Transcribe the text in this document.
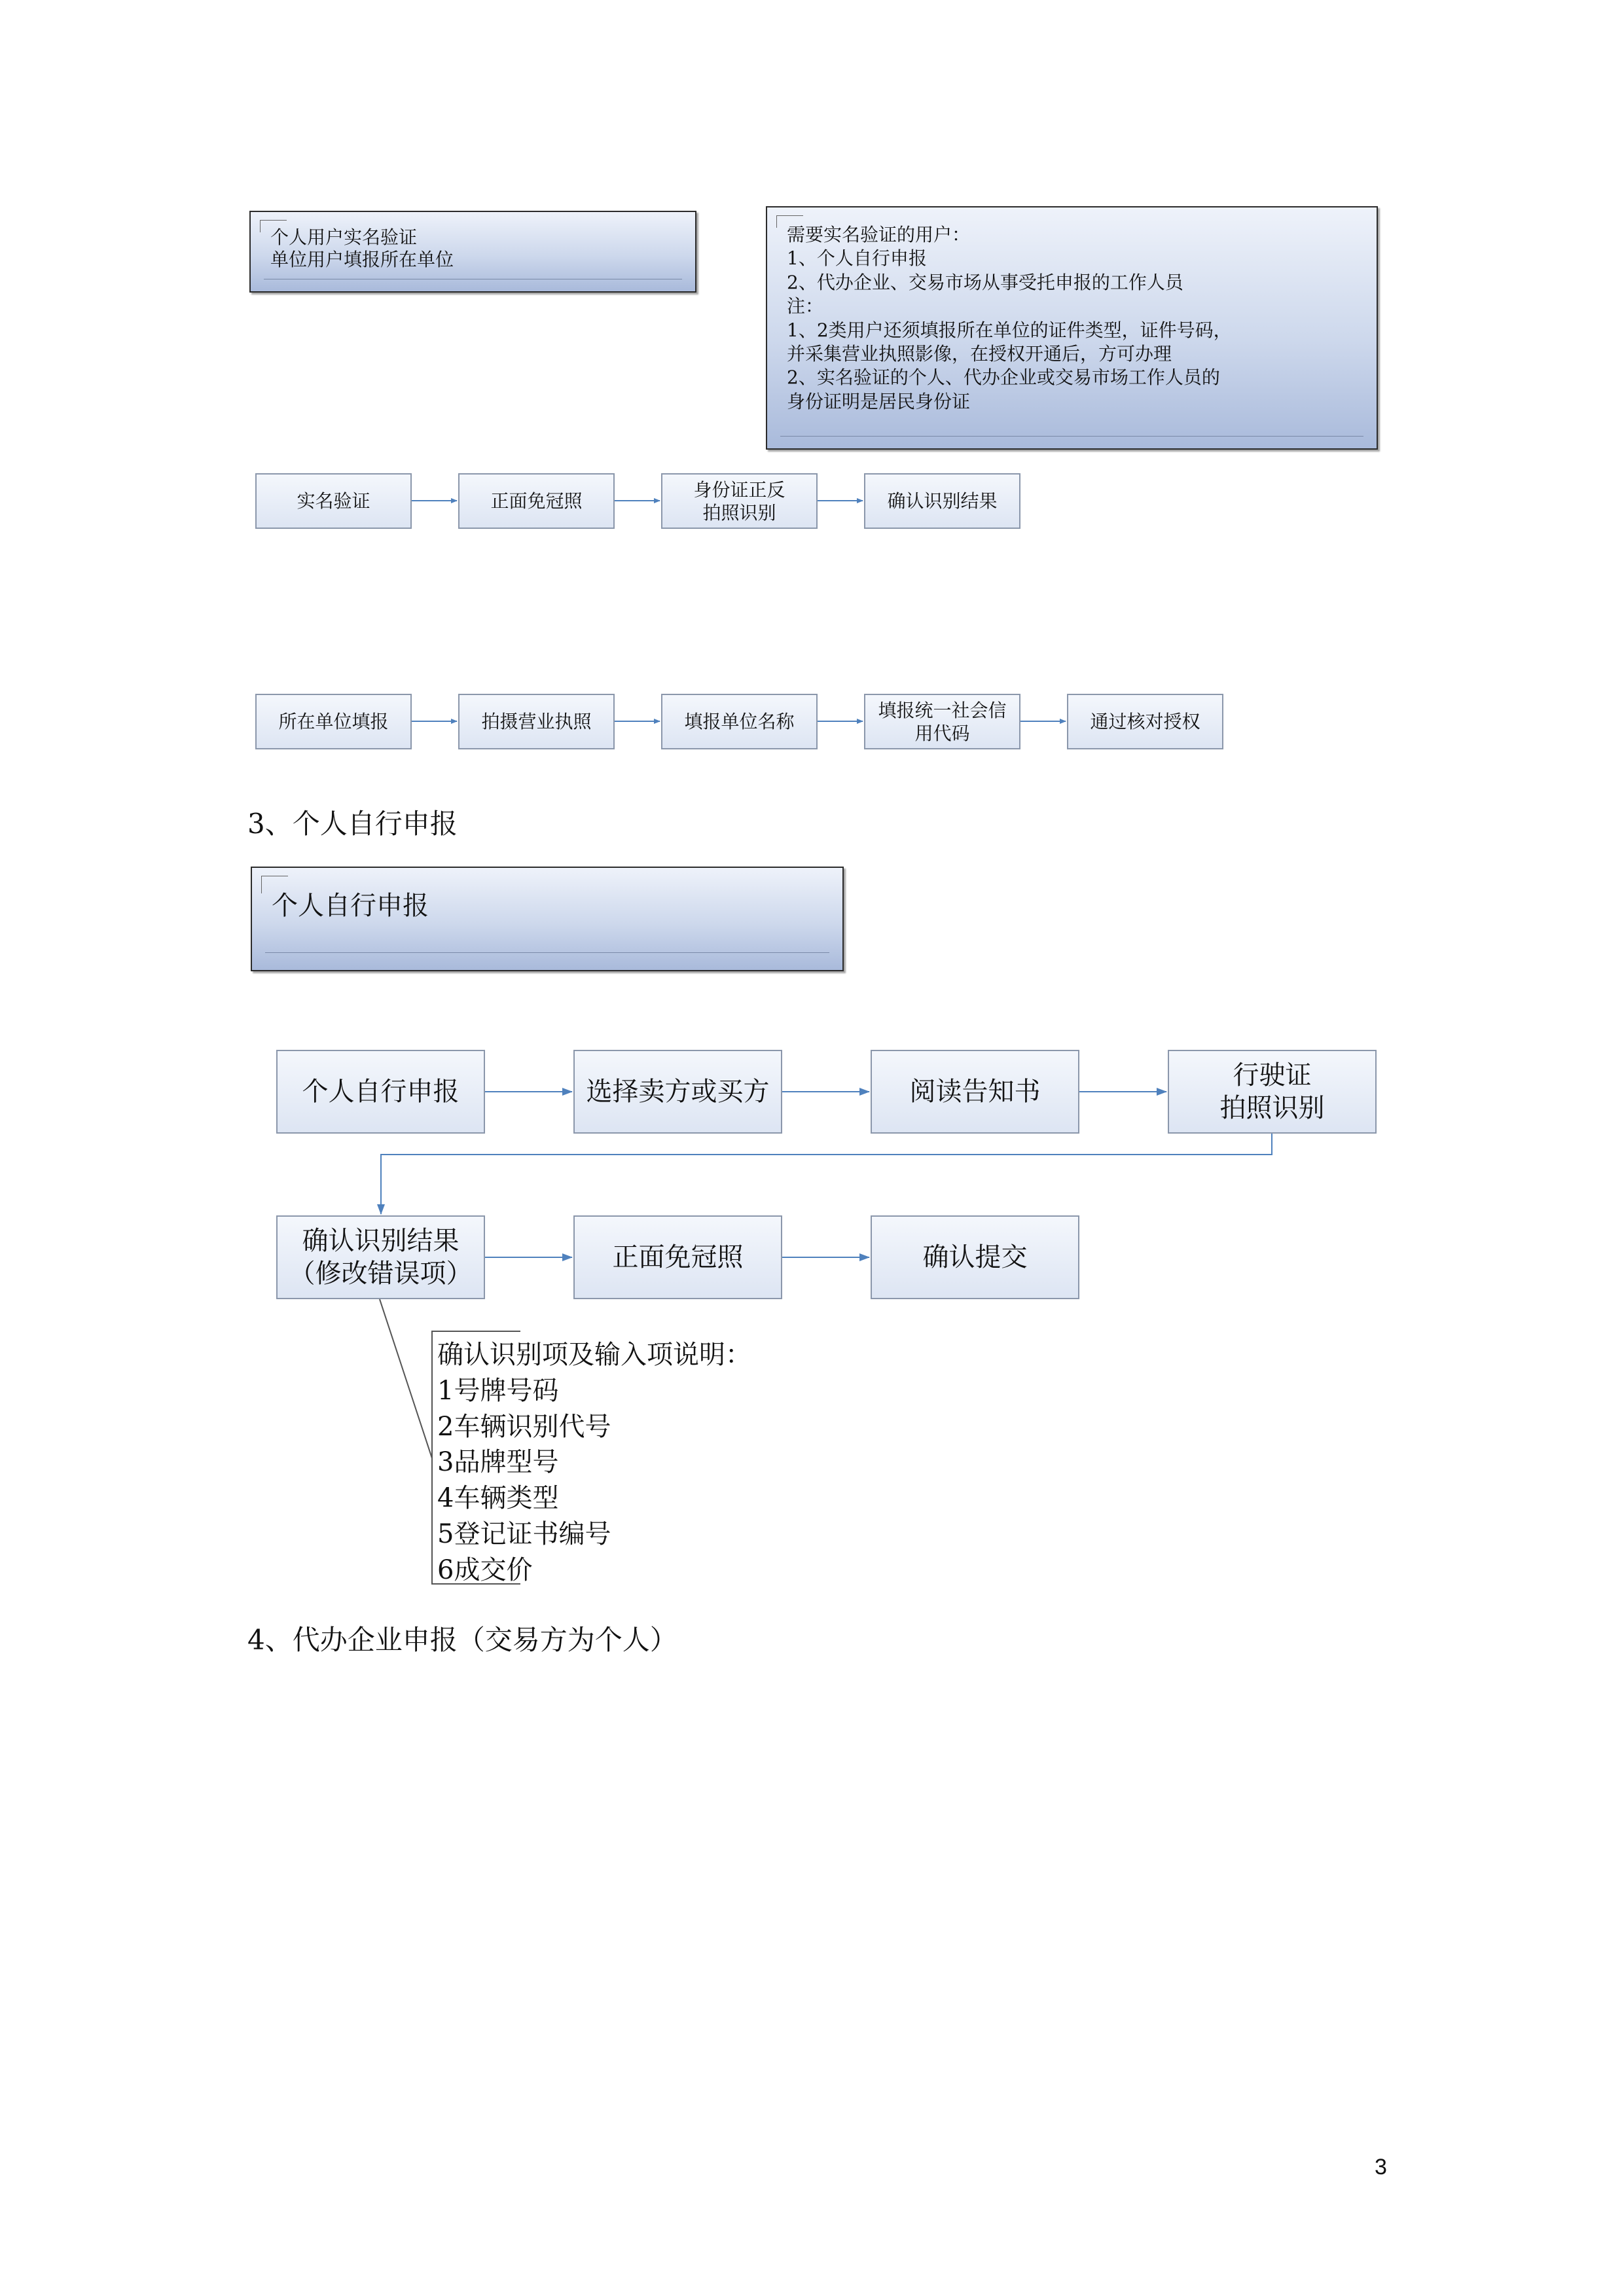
个人用户实名验证
单位用户填报所在单位
需要实名验证的用户：
1、个人自行申报
2、代办企业、交易市场从事受托申报的工作人员
注：
1、2类用户还须填报所在单位的证件类型，证件号码，
并采集营业执照影像，在授权开通后，方可办理
2、实名验证的个人、代办企业或交易市场工作人员的
身份证明是居民身份证
实名验证	正面免冠照
身份证正反
拍照识别
确认识别结果
所在单位填报	拍摄营业执照	填报单位名称
填报统一社会信
用代码
通过核对授权
3、个人自行申报
个人自行申报
个人自行申报	选择卖方或买方	阅读告知书
行驶证
拍照识别
确认识别结果
（修改错误项）
正面免冠照	确认提交
确认识别项及输入项说明：
1号牌号码
2车辆识别代号
3品牌型号
4车辆类型
5登记证书编号
6成交价
4、代办企业申报（交易方为个人）
3
